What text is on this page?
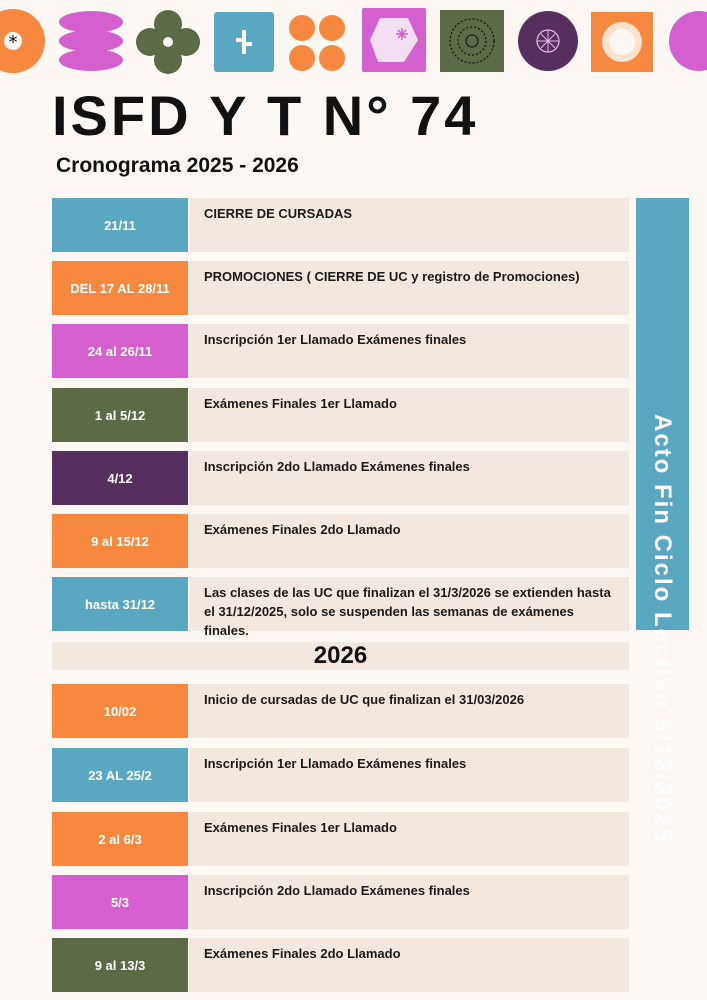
*
ISFD Y T N° 74
Cronograma 2025 - 2026
Acto Fin Ciclo Lectivo 5/12/2025
21/11
CIERRE DE CURSADAS
DEL 17 AL 28/11
PROMOCIONES ( CIERRE DE UC y registro de Promociones)
24 al 26/11
Inscripción 1er Llamado Exámenes finales
1 al 5/12
Exámenes Finales 1er Llamado
4/12
Inscripción 2do Llamado Exámenes finales
9 al 15/12
Exámenes Finales 2do Llamado
hasta 31/12
Las clases de las UC que finalizan el 31/3/2026 se extienden hasta el 31/12/2025, solo se suspenden las semanas de exámenes finales.
2026
10/02
Inicio de cursadas de UC que finalizan el 31/03/2026
23 AL 25/2
Inscripción 1er Llamado Exámenes finales
2 al 6/3
Exámenes Finales 1er Llamado
5/3
Inscripción 2do Llamado Exámenes finales
9 al 13/3
Exámenes Finales 2do Llamado
